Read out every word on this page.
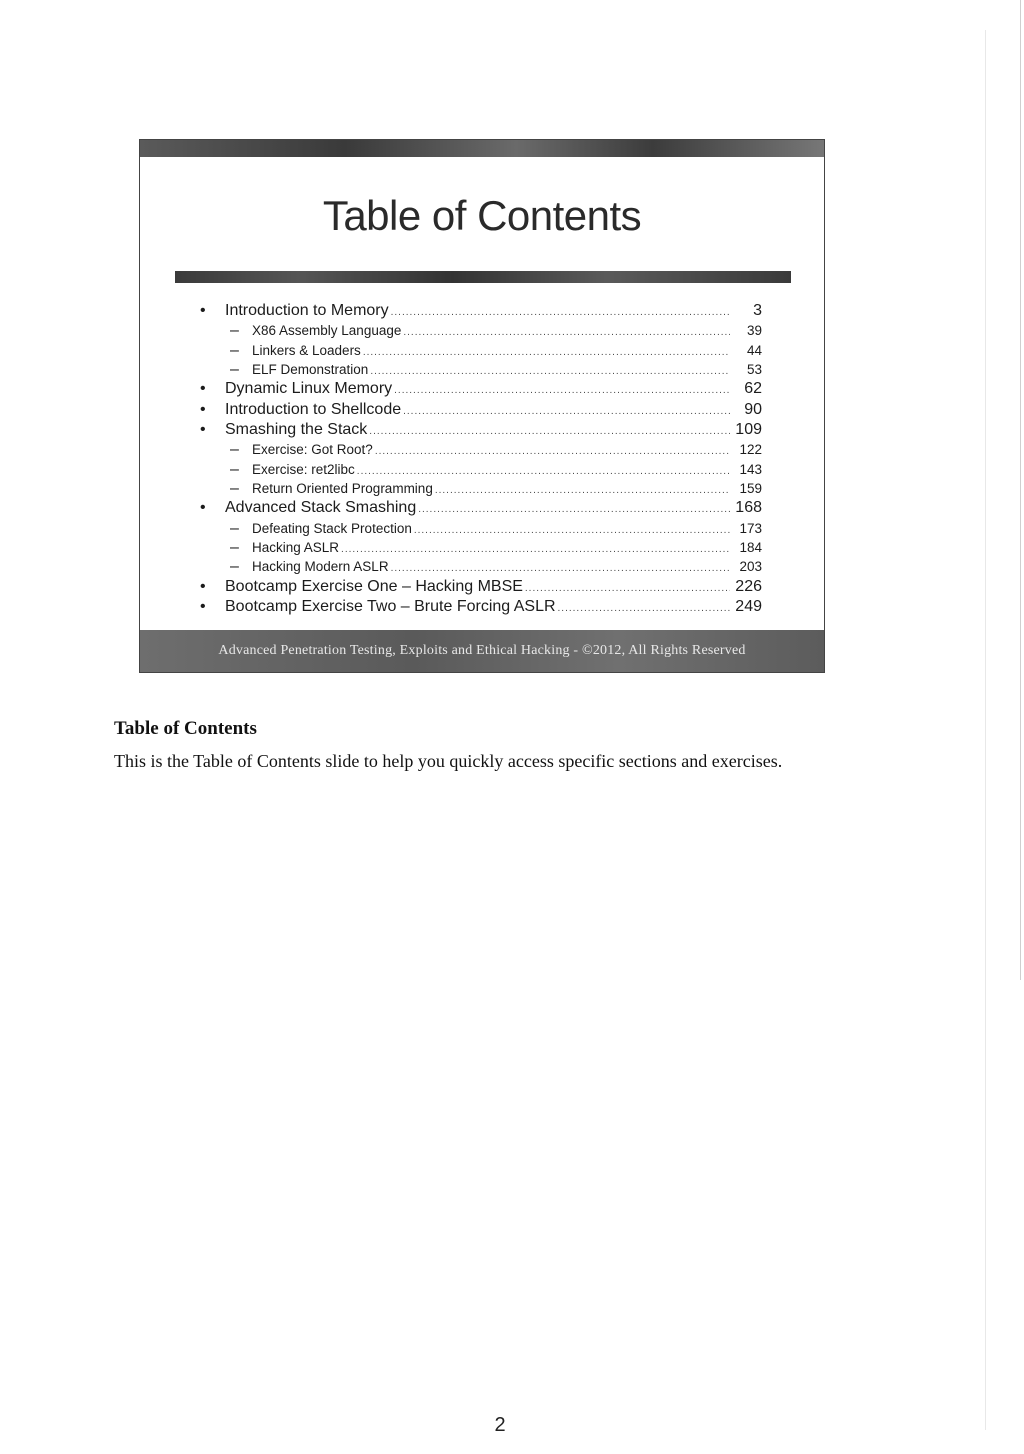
Table of Contents
•	Introduction to Memory .....	3
– X86 Assembly Language .....	39
– Linkers & Loaders .....	44
– ELF Demonstration .....	53
•	Dynamic Linux Memory .....	62
•	Introduction to Shellcode .....	90
•	Smashing the Stack .....	109
– Exercise: Got Root? .....	122
– Exercise: ret2libc .....	143
– Return Oriented Programming .....	159
•	Advanced Stack Smashing .....	168
– Defeating Stack Protection .....	173
– Hacking ASLR .....	184
– Hacking Modern ASLR .....	203
•	Bootcamp Exercise One – Hacking MBSE .....	226
•	Bootcamp Exercise Two – Brute Forcing ASLR .....	249
Advanced Penetration Testing, Exploits and Ethical Hacking - ©2012, All Rights Reserved
Table of Contents

This is the Table of Contents slide to help you quickly access specific sections and exercises.

2
